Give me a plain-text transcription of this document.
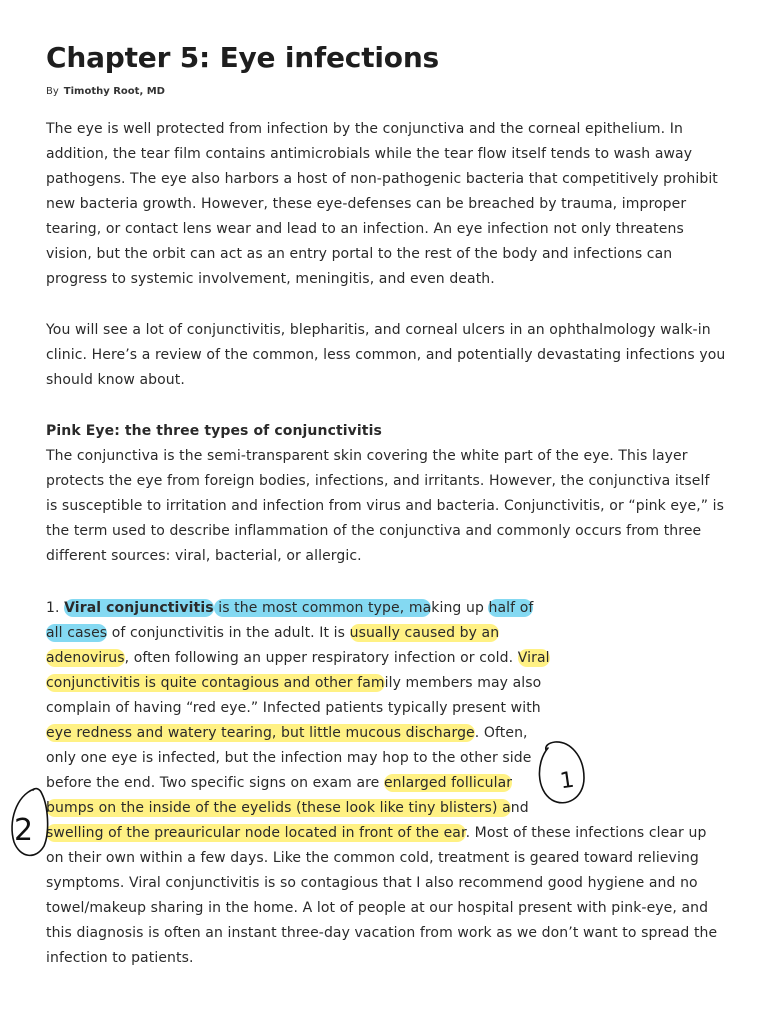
Chapter 5: Eye infections
By Timothy Root, MD
The eye is well protected from infection by the conjunctiva and the corneal epithelium. In
addition, the tear film contains antimicrobials while the tear flow itself tends to wash away
pathogens. The eye also harbors a host of non-pathogenic bacteria that competitively prohibit
new bacteria growth. However, these eye-defenses can be breached by trauma, improper
tearing, or contact lens wear and lead to an infection. An eye infection not only threatens
vision, but the orbit can act as an entry portal to the rest of the body and infections can
progress to systemic involvement, meningitis, and even death.
You will see a lot of conjunctivitis, blepharitis, and corneal ulcers in an ophthalmology walk-in
clinic. Here’s a review of the common, less common, and potentially devastating infections you
should know about.
Pink Eye: the three types of conjunctivitis
The conjunctiva is the semi-transparent skin covering the white part of the eye. This layer
protects the eye from foreign bodies, infections, and irritants. However, the conjunctiva itself
is susceptible to irritation and infection from virus and bacteria. Conjunctivitis, or “pink eye,” is
the term used to describe inflammation of the conjunctiva and commonly occurs from three
different sources: viral, bacterial, or allergic.
1. Viral conjunctivitis is the most common type, making up half of
all cases of conjunctivitis in the adult. It is usually caused by an
adenovirus, often following an upper respiratory infection or cold. Viral
conjunctivitis is quite contagious and other family members may also
complain of having “red eye.” Infected patients typically present with
eye redness and watery tearing, but little mucous discharge. Often,
only one eye is infected, but the infection may hop to the other side
before the end. Two specific signs on exam are enlarged follicular
bumps on the inside of the eyelids (these look like tiny blisters) and
swelling of the preauricular node located in front of the ear. Most of these infections clear up
on their own within a few days. Like the common cold, treatment is geared toward relieving
symptoms. Viral conjunctivitis is so contagious that I also recommend good hygiene and no
towel/makeup sharing in the home. A lot of people at our hospital present with pink-eye, and
this diagnosis is often an instant three-day vacation from work as we don’t want to spread the
infection to patients.
1
2
